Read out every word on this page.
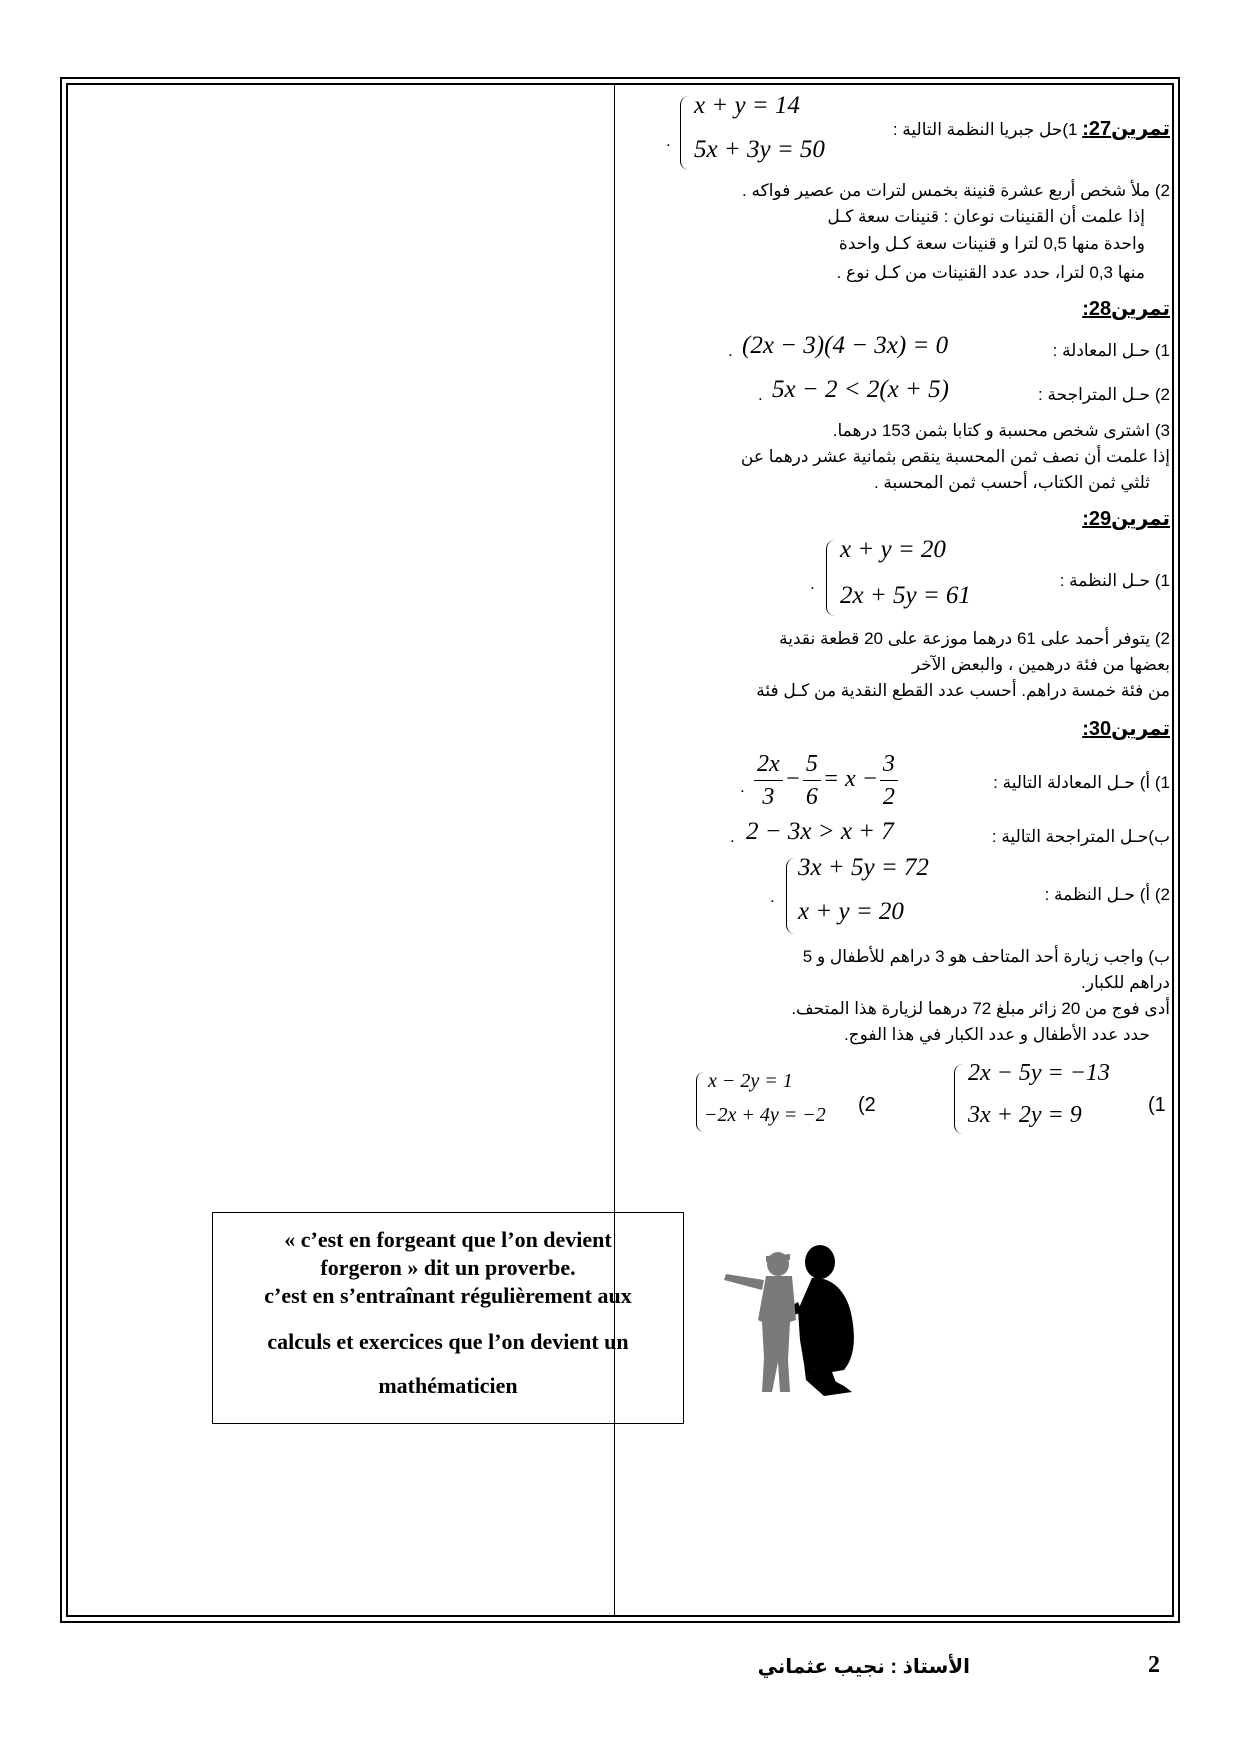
تمرين27: 1)حل جبريا النظمة التالية :
x + y = 14
5x + 3y = 50
.
2) ملأ شخص أربع عشرة قنينة بخمس لترات من عصير فواكه .
إذا علمت أن القنينات نوعان : قنينات سعة كـل
واحدة منها 0,5 لترا و قنينات سعة كـل واحدة
منها 0,3 لترا، حدد عدد القنينات من كـل نوع .
تمرين28:
1) حـل المعادلة :
(2x − 3)(4 − 3x) = 0
.
2) حـل المتراجحة :
5x − 2 < 2(x + 5)
.
3) اشترى شخص محسبة و كتابا بثمن 153 درهما.
إذا علمت أن نصف ثمن المحسبة ينقص بثمانية عشر درهما عن
ثلثي ثمن الكتاب، أحسب ثمن المحسبة .
تمرين29:
1) حـل النظمة :
x + y = 20
2x + 5y = 61
.
2) يتوفر أحمد على 61 درهما موزعة على 20 قطعة نقدية
بعضها من فئة درهمين ، والبعض الآخر
من فئة خمسة دراهم. أحسب عدد القطع النقدية من كـل فئة
تمرين30:
1) أ) حـل المعادلة التالية :
$\frac{2x}{3} - \frac{5}{6} = x - \frac{3}{2}$
.
ب)حـل المتراجحة التالية :
2 − 3x > x + 7
.
2) أ) حـل النظمة :
3x + 5y = 72
x + y = 20
.
ب) واجب زيارة أحد المتاحف هو 3 دراهم للأطفال و 5
دراهم للكبار.
أدى فوج من 20 زائر مبلغ 72 درهما لزيارة هذا المتحف.
حدد عدد الأطفال و عدد الكبار في هذا الفوج.
(1
2x − 5y = −13
3x + 2y = 9
(2
x − 2y = 1
−2x + 4y = −2
« c’est en forgeant que l’on devient
forgeron » dit un proverbe.
c’est en s’entraînant régulièrement aux
calculs et exercices que l’on devient un
mathématicien
2
الأستاذ : نجيب عثماني
